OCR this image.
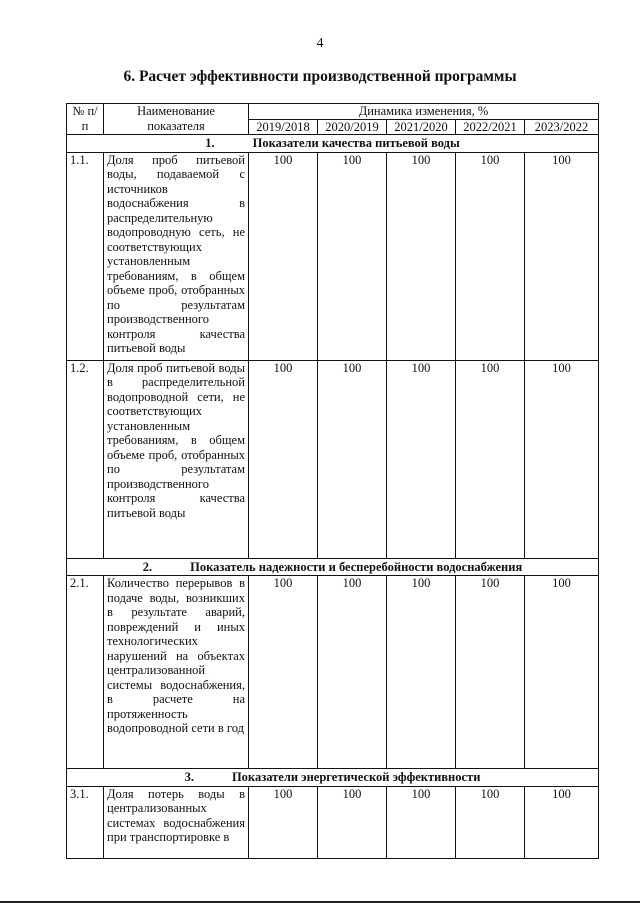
4
6. Расчет эффективности производственной программы
№ п/п	Наименование показателя	Динамика изменения, %				
		2019/2018	2020/2019	2021/2020	2022/2021	2023/2022
1. Показатели качества питьевой воды						
1.1.	Доля проб питьевой воды, подаваемой с источников водоснабжения в распределительную водопроводную сеть, не соответствующих установленным требованиям, в общем объеме проб, отобранных по результатам производственного контроля качества питьевой воды	100	100	100	100	100
1.2.	Доля проб питьевой воды в распределительной водопроводной сети, не соответствующих установленным требованиям, в общем объеме проб, отобранных по результатам производственного контроля качества питьевой воды	100	100	100	100	100
2. Показатель надежности и бесперебойности водоснабжения						
2.1.	Количество перерывов в подаче воды, возникших в результате аварий, повреждений и иных технологических нарушений на объектах централизованной системы водоснабжения, в расчете на протяженность водопроводной сети в год	100	100	100	100	100
3. Показатели энергетической эффективности						
3.1.	Доля потерь воды в централизованных системах водоснабжения при транспортировке в	100	100	100	100	100
